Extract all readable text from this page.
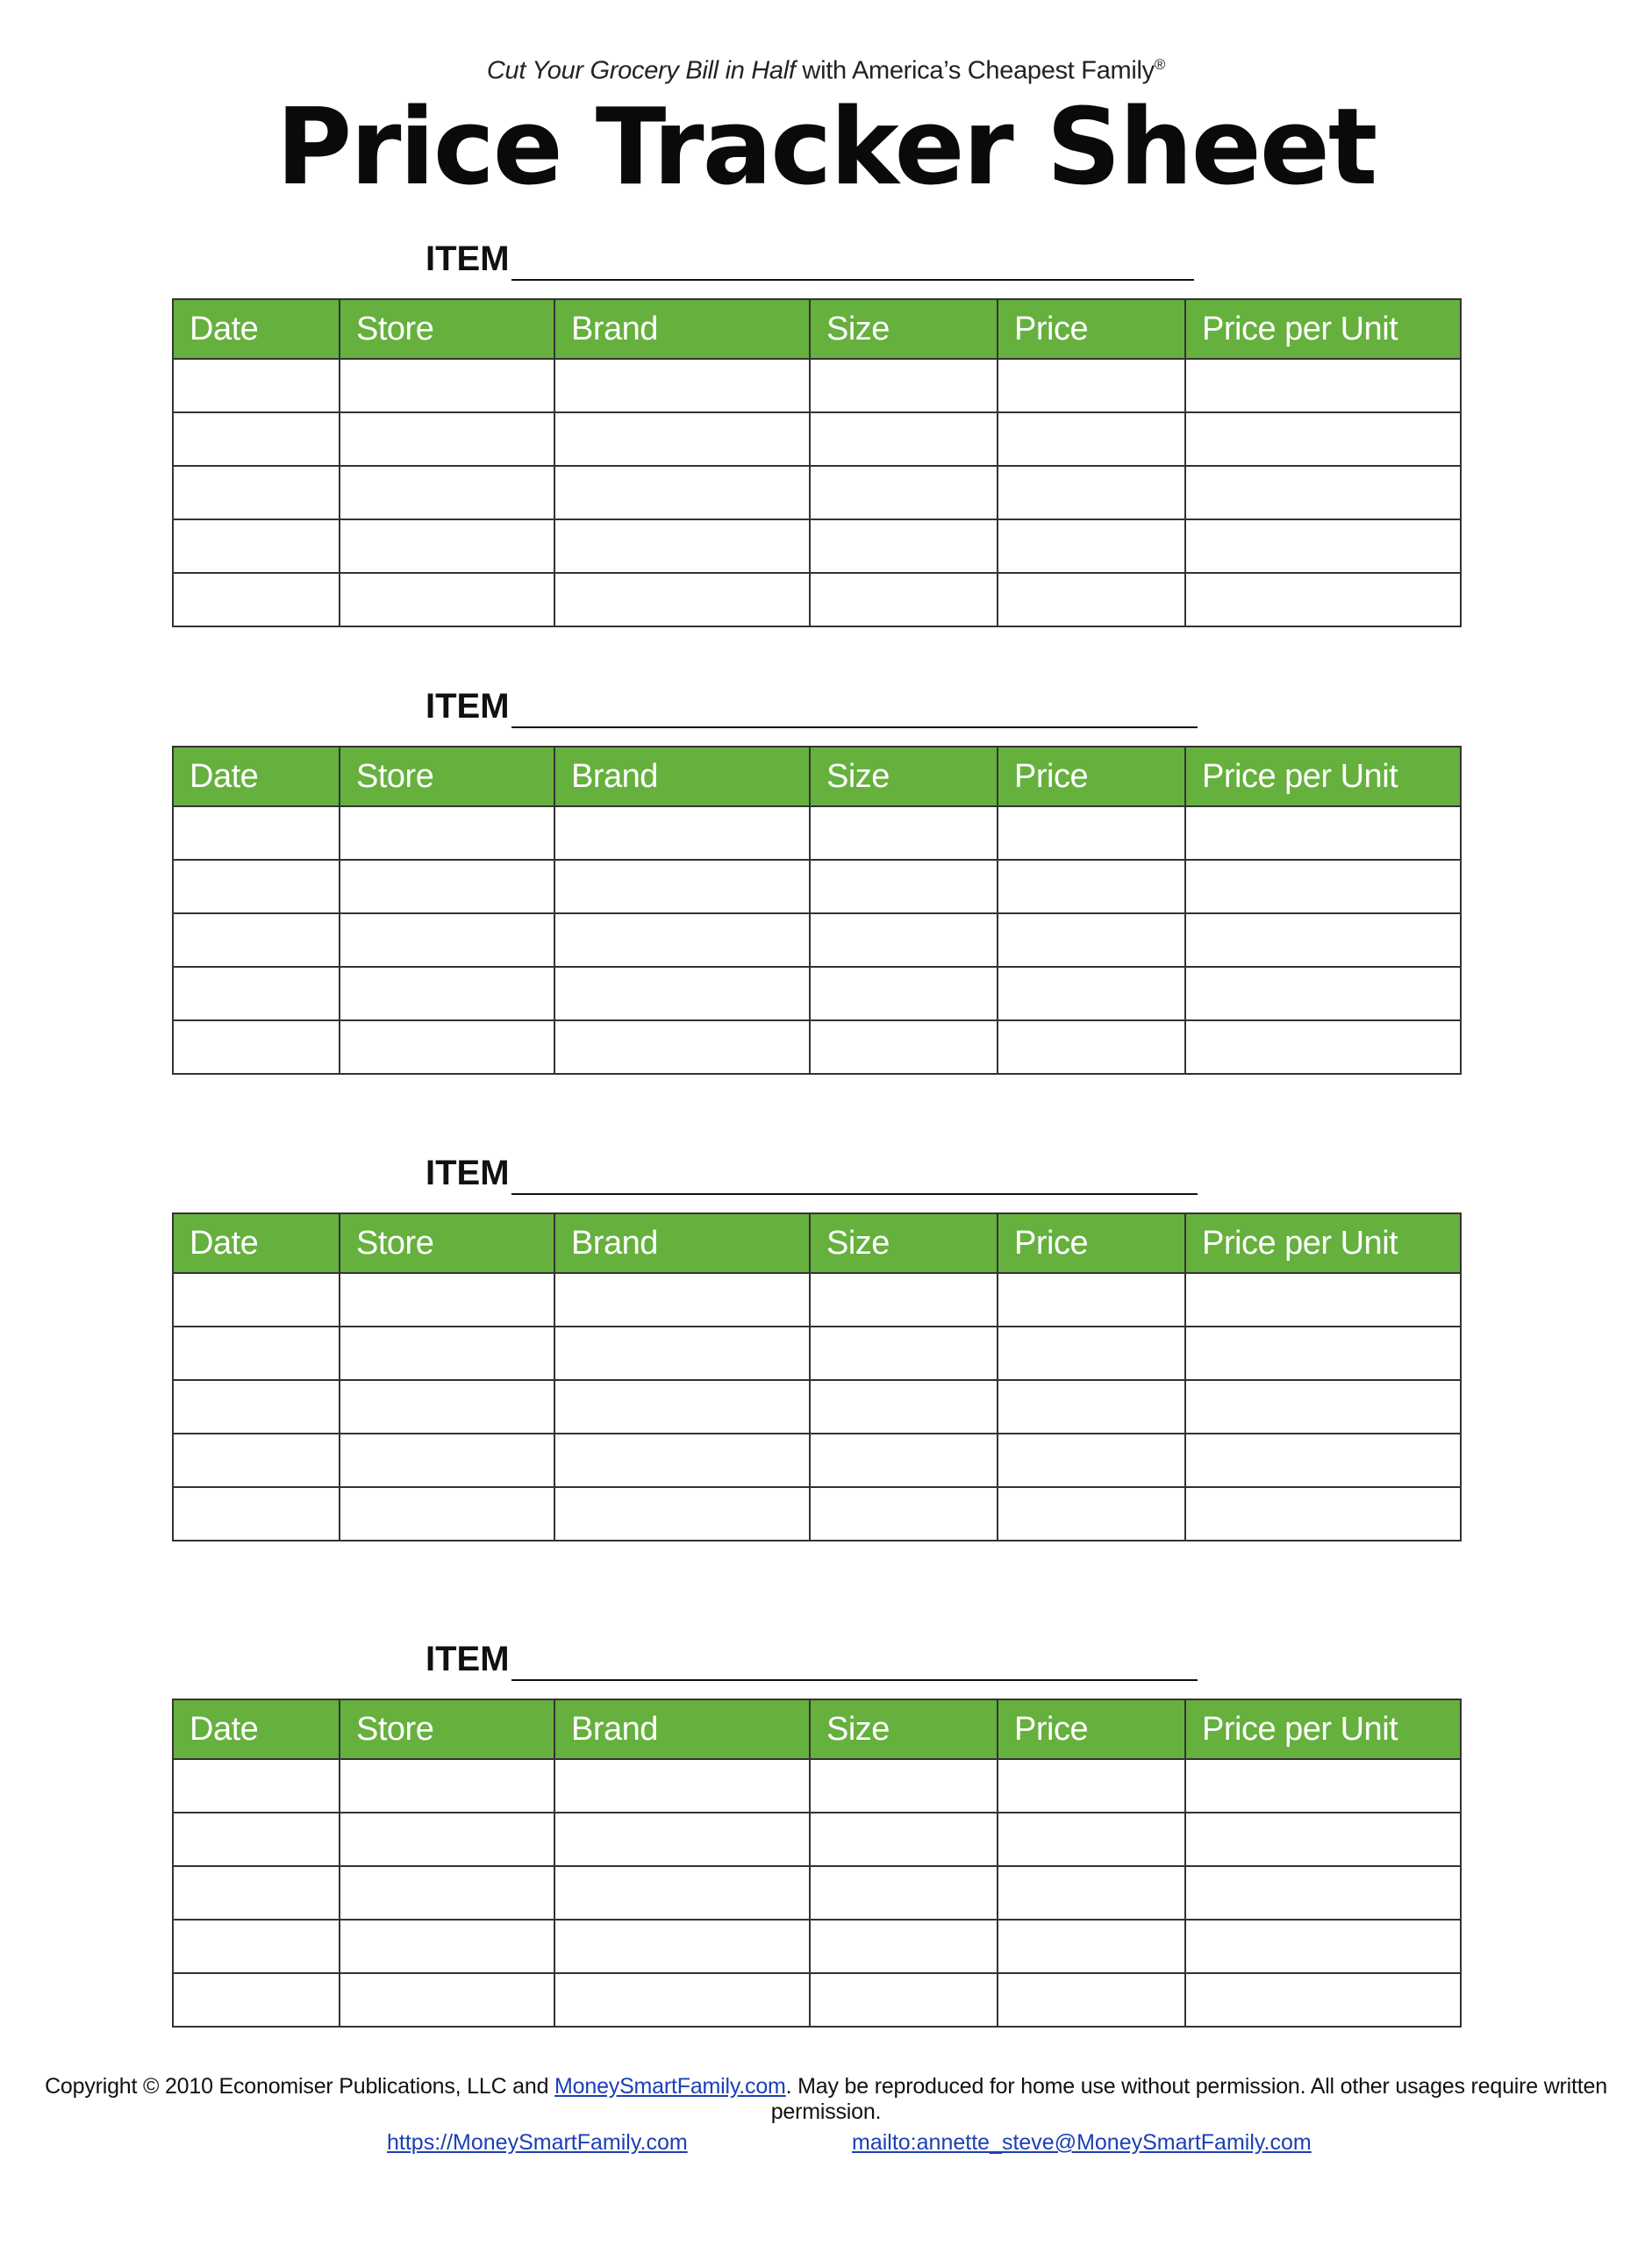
Cut Your Grocery Bill in Half with America’s Cheapest Family®
Price Tracker Sheet
ITEM
Date	Store	Brand	Size	Price	Price per Unit

ITEM
Date	Store	Brand	Size	Price	Price per Unit

ITEM
Date	Store	Brand	Size	Price	Price per Unit

ITEM
Date	Store	Brand	Size	Price	Price per Unit

Copyright © 2010 Economiser Publications, LLC and MoneySmartFamily.com. May be reproduced for home use without permission. All other usages require written permission.
https://MoneySmartFamily.com	mailto:annette_steve@MoneySmartFamily.com
